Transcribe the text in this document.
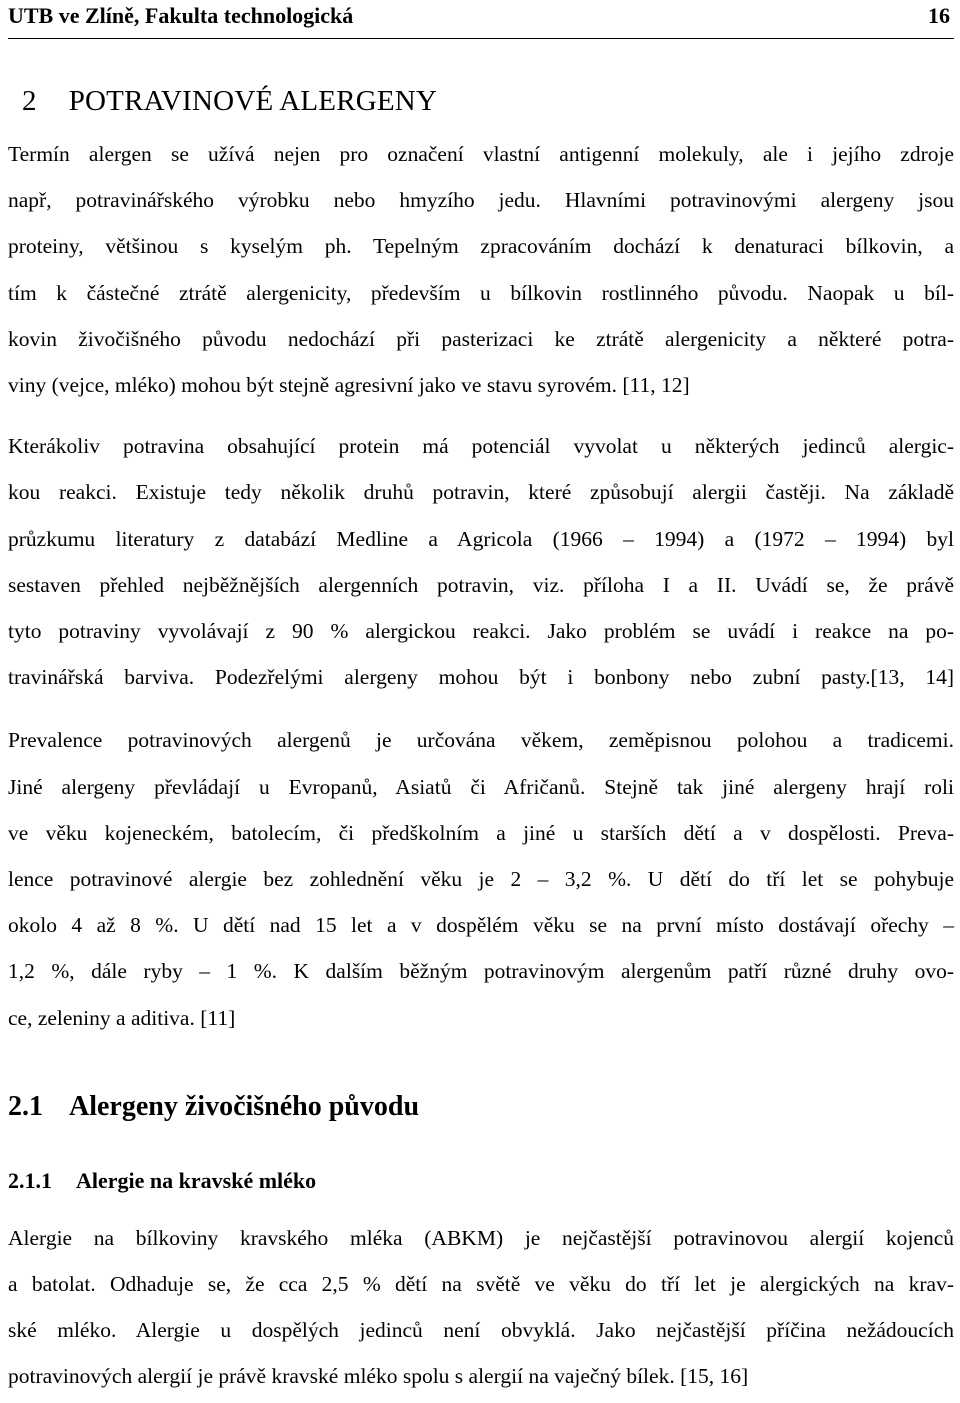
UTB ve Zlíně, Fakulta technologická	16
2 POTRAVINOVÉ ALERGENY

Termín alergen se užívá nejen pro označení vlastní antigenní molekuly, ale i jejího zdroje
např, potravinářského výrobku nebo hmyzího jedu. Hlavními potravinovými alergeny jsou
proteiny, většinou s kyselým ph. Tepelným zpracováním dochází k denaturaci bílkovin, a
tím k částečné ztrátě alergenicity, především u bílkovin rostlinného původu. Naopak u bíl-
kovin živočišného původu nedochází při pasterizaci ke ztrátě alergenicity a některé potra-
viny (vejce, mléko) mohou být stejně agresivní jako ve stavu syrovém. [11, 12]

Kterákoliv potravina obsahující protein má potenciál vyvolat u některých jedinců alergic-
kou reakci. Existuje tedy několik druhů potravin, které způsobují alergii častěji. Na základě
průzkumu literatury z databází Medline a Agricola (1966 – 1994) a (1972 – 1994) byl
sestaven přehled nejběžnějších alergenních potravin, viz. příloha I a II. Uvádí se, že právě
tyto potraviny vyvolávají z 90 % alergickou reakci. Jako problém se uvádí i reakce na po-
travinářská barviva. Podezřelými alergeny mohou být i bonbony nebo zubní pasty.[13, 14]

Prevalence potravinových alergenů je určována věkem, zeměpisnou polohou a tradicemi.
Jiné alergeny převládají u Evropanů, Asiatů či Afričanů. Stejně tak jiné alergeny hrají roli
ve věku kojeneckém, batolecím, či předškolním a jiné u starších dětí a v dospělosti. Preva-
lence potravinové alergie bez zohlednění věku je 2 – 3,2 %. U dětí do tří let se pohybuje
okolo 4 až 8 %. U dětí nad 15 let a v dospělém věku se na první místo dostávají ořechy –
1,2 %, dále ryby – 1 %. K dalším běžným potravinovým alergenům patří různé druhy ovo-
ce, zeleniny a aditiva. [11]

2.1 Alergeny živočišného původu
2.1.1 Alergie na kravské mléko

Alergie na bílkoviny kravského mléka (ABKM) je nejčastější potravinovou alergií kojenců
a batolat. Odhaduje se, že cca 2,5 % dětí na světě ve věku do tří let je alergických na krav-
ské mléko. Alergie u dospělých jedinců není obvyklá. Jako nejčastější příčina nežádoucích
potravinových alergií je právě kravské mléko spolu s alergií na vaječný bílek. [15, 16]
